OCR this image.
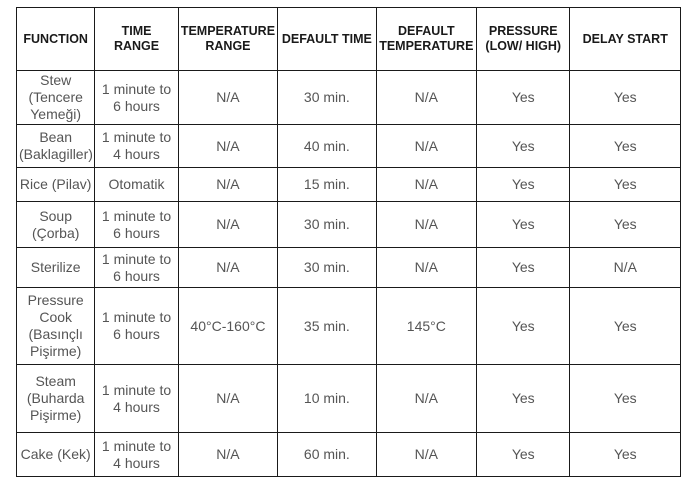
FUNCTION	TIME RANGE	TEMPERATURE RANGE	DEFAULT TIME	DEFAULT TEMPERATURE	PRESSURE (LOW/ HIGH)	DELAY START
Stew (Tencere Yemeği)	1 minute to 6 hours	N/A	30 min.	N/A	Yes	Yes
Bean (Baklagiller)	1 minute to 4 hours	N/A	40 min.	N/A	Yes	Yes
Rice (Pilav)	Otomatik	N/A	15 min.	N/A	Yes	Yes
Soup (Çorba)	1 minute to 6 hours	N/A	30 min.	N/A	Yes	Yes
Sterilize	1 minute to 6 hours	N/A	30 min.	N/A	Yes	N/A
Pressure Cook (Basınçlı Pişirme)	1 minute to 6 hours	40°C-160°C	35 min.	145°C	Yes	Yes
Steam (Buharda Pişirme)	1 minute to 4 hours	N/A	10 min.	N/A	Yes	Yes
Cake (Kek)	1 minute to 4 hours	N/A	60 min.	N/A	Yes	Yes
